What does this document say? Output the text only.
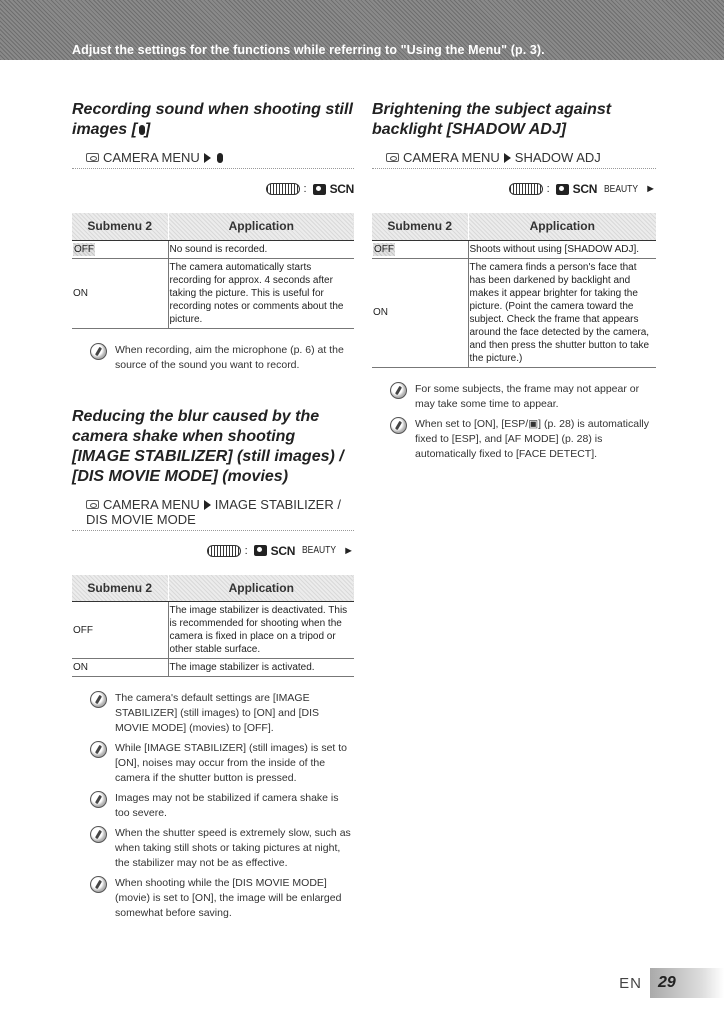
Adjust the settings for the functions while referring to "Using the Menu" (p. 3).
Recording sound when shooting still images [ ]
CAMERA MENU
: SCN
Submenu 2	Application
OFF	No sound is recorded.
ON	The camera automatically starts recording for approx. 4 seconds after taking the picture. This is useful for recording notes or comments about the picture.

When recording, aim the microphone (p. 6) at the source of the sound you want to record.

Reducing the blur caused by the camera shake when shooting [IMAGE STABILIZER] (still images) / [DIS MOVIE MODE] (movies)
CAMERA MENU IMAGE STABILIZER / DIS MOVIE MODE
: SCN BEAUTY ►
Submenu 2	Application
OFF	The image stabilizer is deactivated. This is recommended for shooting when the camera is fixed in place on a tripod or other stable surface.
ON	The image stabilizer is activated.

The camera's default settings are [IMAGE STABILIZER] (still images) to [ON] and [DIS MOVIE MODE] (movies) to [OFF].

While [IMAGE STABILIZER] (still images) is set to [ON], noises may occur from the inside of the camera if the shutter button is pressed.

Images may not be stabilized if camera shake is too severe.

When the shutter speed is extremely slow, such as when taking still shots or taking pictures at night, the stabilizer may not be as effective.

When shooting while the [DIS MOVIE MODE] (movie) is set to [ON], the image will be enlarged somewhat before saving.

Brightening the subject against backlight [SHADOW ADJ]
CAMERA MENU SHADOW ADJ
: SCN BEAUTY ►
Submenu 2	Application
OFF	Shoots without using [SHADOW ADJ].
ON	The camera finds a person's face that has been darkened by backlight and makes it appear brighter for taking the picture. (Point the camera toward the subject. Check the frame that appears around the face detected by the camera, and then press the shutter button to take the picture.)

For some subjects, the frame may not appear or may take some time to appear.

When set to [ON], [ESP/▣] (p. 28) is automatically fixed to [ESP], and [AF MODE] (p. 28) is automatically fixed to [FACE DETECT].

EN	29
